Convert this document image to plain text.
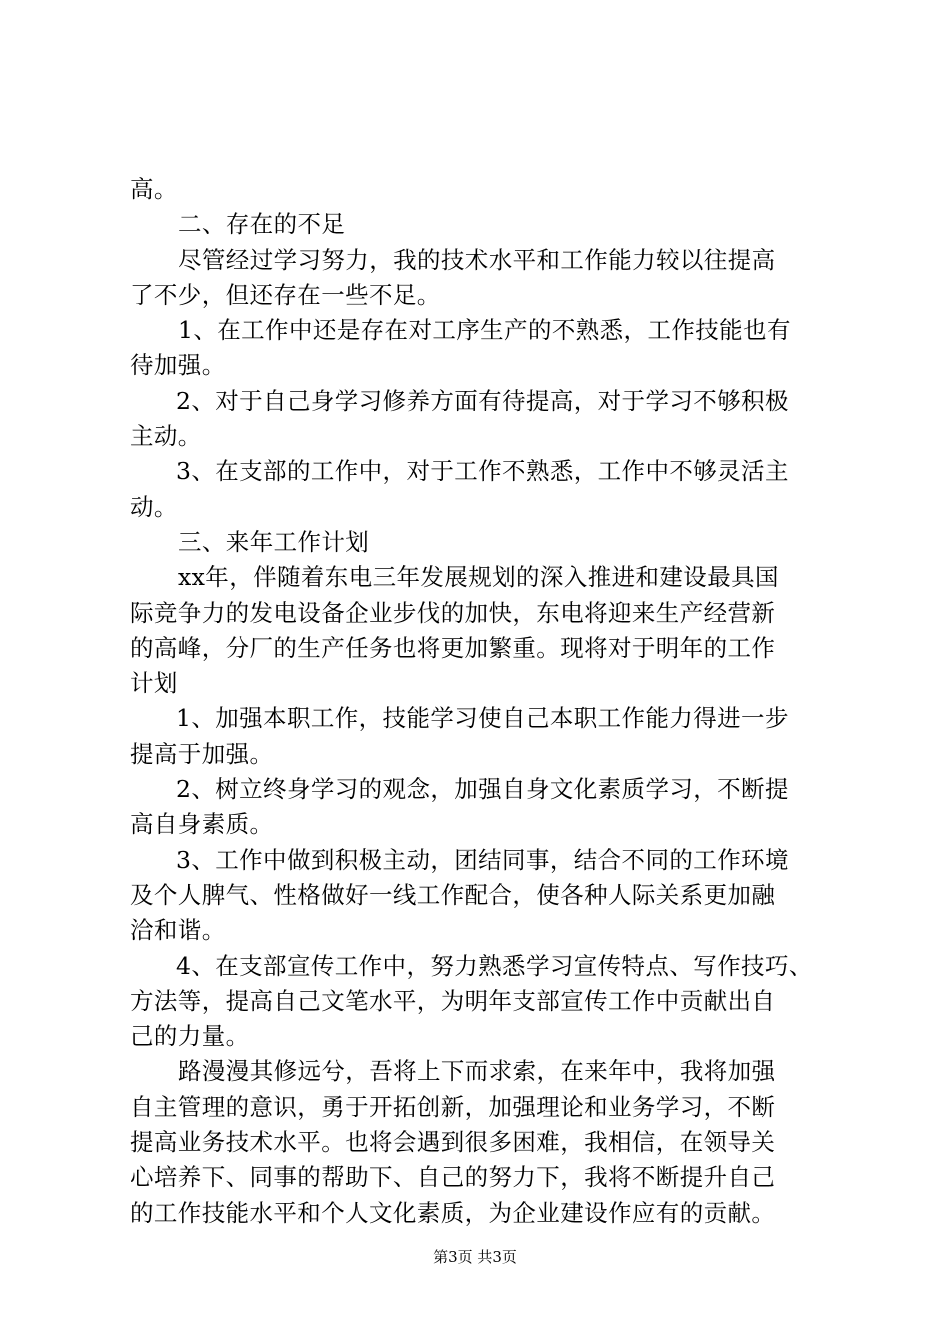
高。
二、存在的不足
尽管经过学习努力，我的技术水平和工作能力较以往提高
了不少，但还存在一些不足。
1、在工作中还是存在对工序生产的不熟悉，工作技能也有
待加强。
2、对于自己身学习修养方面有待提高，对于学习不够积极
主动。
3、在支部的工作中，对于工作不熟悉，工作中不够灵活主
动。
三、来年工作计划
xx年，伴随着东电三年发展规划的深入推进和建设最具国
际竞争力的发电设备企业步伐的加快，东电将迎来生产经营新
的高峰，分厂的生产任务也将更加繁重。现将对于明年的工作
计划
1、加强本职工作，技能学习使自己本职工作能力得进一步
提高于加强。
2、树立终身学习的观念，加强自身文化素质学习，不断提
高自身素质。
3、工作中做到积极主动，团结同事，结合不同的工作环境
及个人脾气、性格做好一线工作配合，使各种人际关系更加融
洽和谐。
4、在支部宣传工作中，努力熟悉学习宣传特点、写作技巧、
方法等，提高自己文笔水平，为明年支部宣传工作中贡献出自
己的力量。
路漫漫其修远兮，吾将上下而求索，在来年中，我将加强
自主管理的意识，勇于开拓创新，加强理论和业务学习，不断
提高业务技术水平。也将会遇到很多困难，我相信，在领导关
心培养下、同事的帮助下、自己的努力下，我将不断提升自己
的工作技能水平和个人文化素质，为企业建设作应有的贡献。
第3页 共3页
